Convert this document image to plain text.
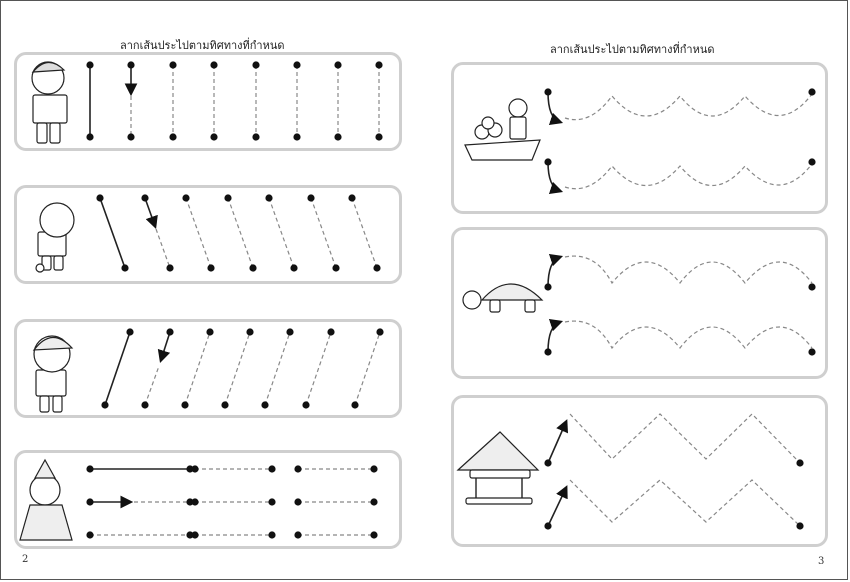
ลากเส้นประไปตามทิศทางที่กำหนด	ลากเส้นประไปตามทิศทางที่กำหนด
2	3
